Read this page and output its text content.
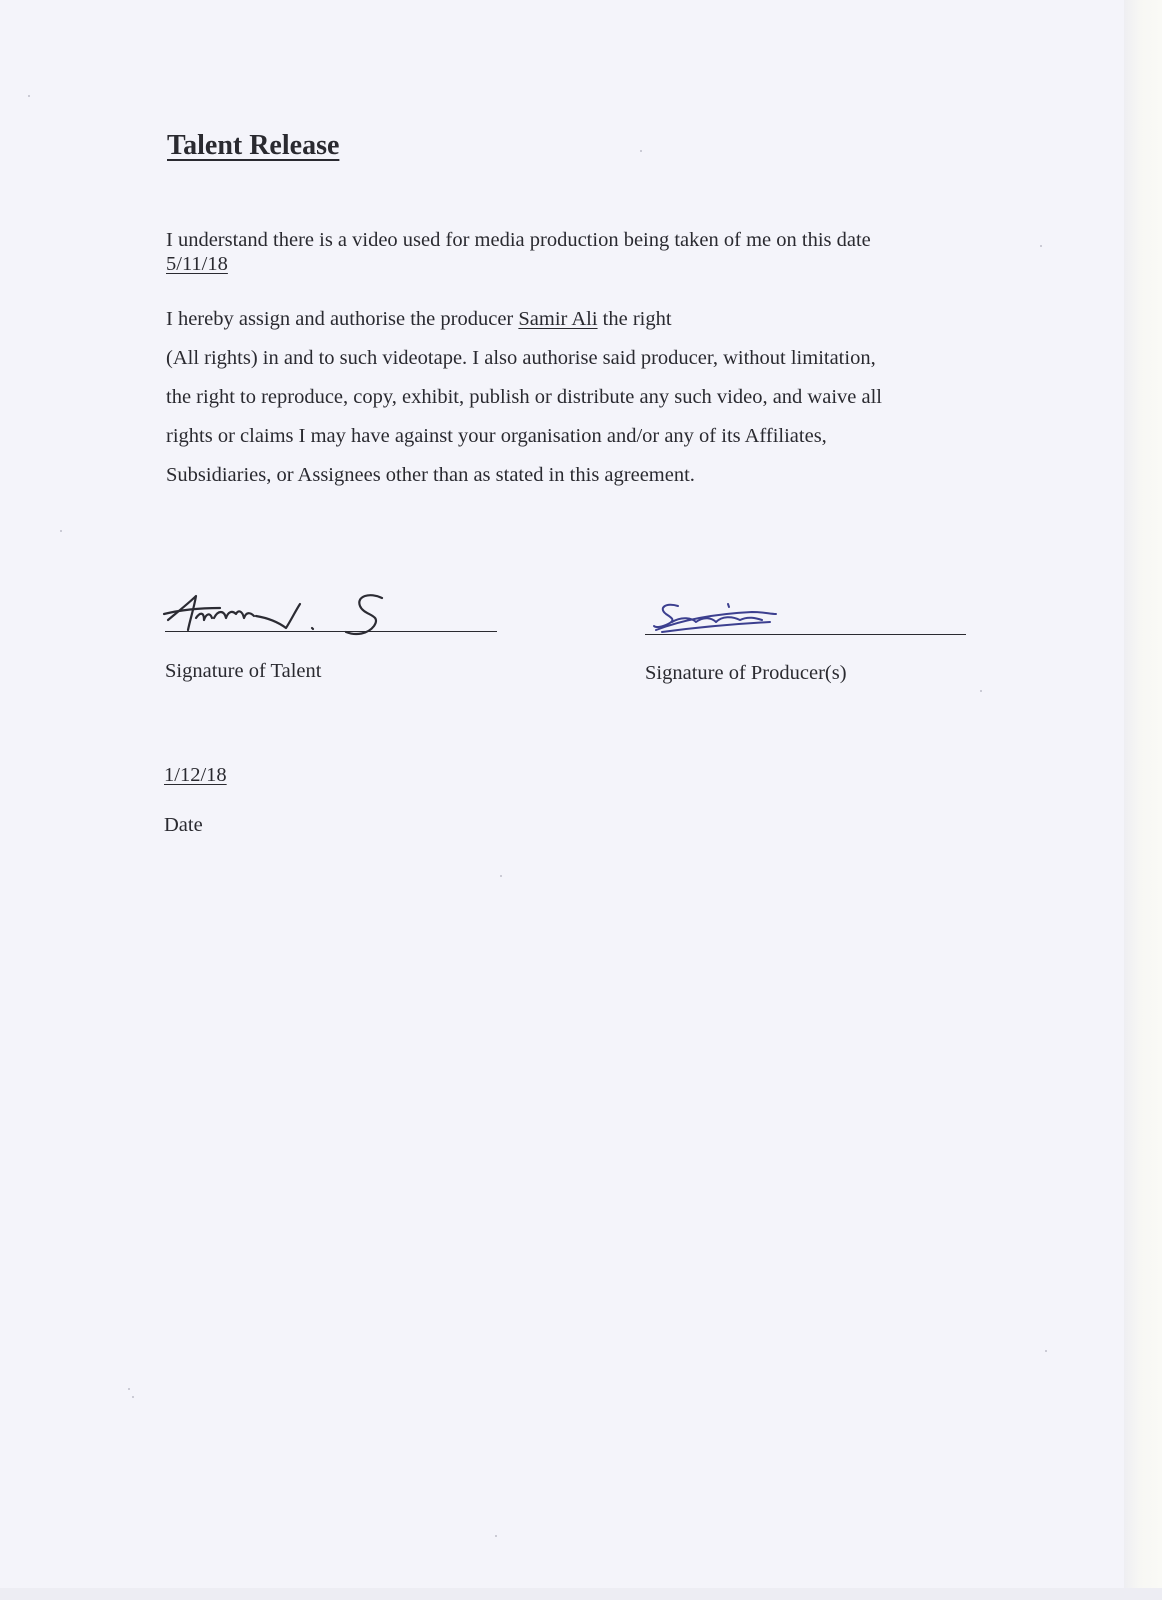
Talent Release
I understand there is a video used for media production being taken of me on this date
5/11/18
I hereby assign and authorise the producer Samir Ali the right
(All rights) in and to such videotape. I also authorise said producer, without limitation,
the right to reproduce, copy, exhibit, publish or distribute any such video, and waive all
rights or claims I may have against your organisation and/or any of its Affiliates,
Subsidiaries, or Assignees other than as stated in this agreement.
Signature of Talent	Signature of Producer(s)
1/12/18
Date
